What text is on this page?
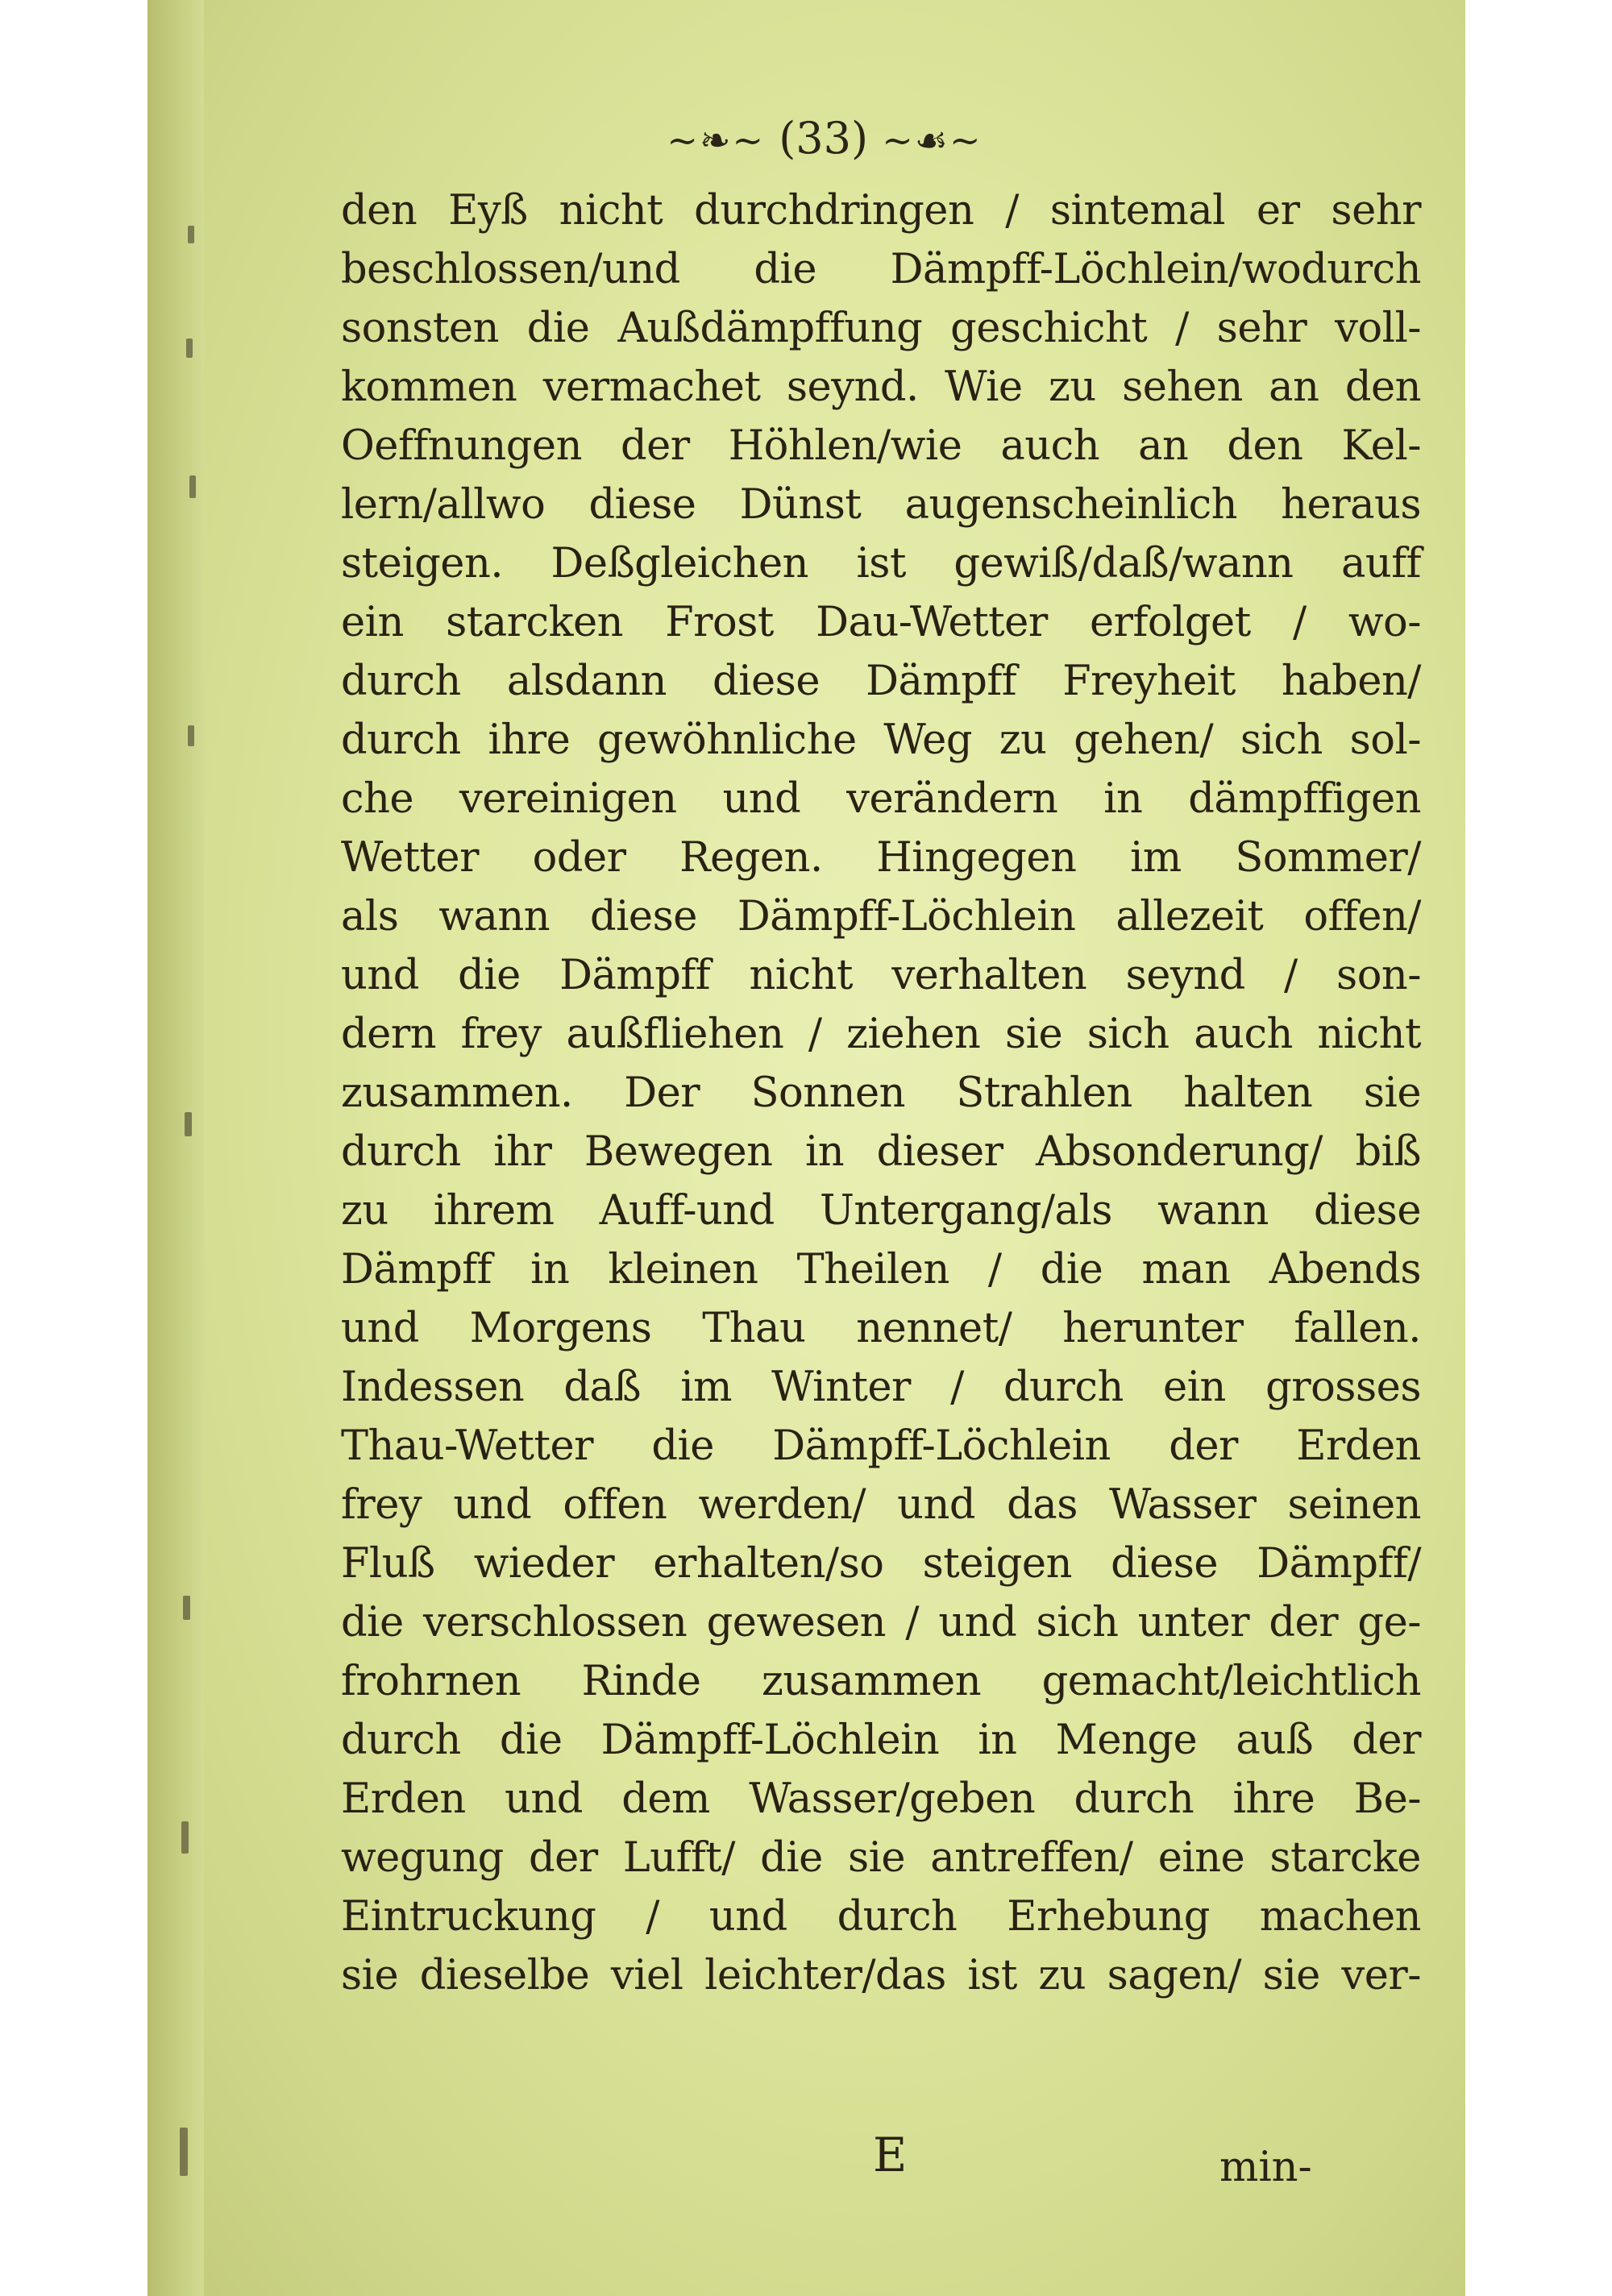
~❧~ (33) ~☙~
den Eyß nicht durchdringen / sintemal er sehr
beschlossen/und die Dämpff-Löchlein/wodurch
sonsten die Außdämpffung geschicht / sehr voll-
kommen vermachet seynd. Wie zu sehen an den
Oeffnungen der Höhlen/wie auch an den Kel-
lern/allwo diese Dünst augenscheinlich heraus
steigen. Deßgleichen ist gewiß/daß/wann auff
ein starcken Frost Dau-Wetter erfolget / wo-
durch alsdann diese Dämpff Freyheit haben/
durch ihre gewöhnliche Weg zu gehen/ sich sol-
che vereinigen und verändern in dämpffigen
Wetter oder Regen. Hingegen im Sommer/
als wann diese Dämpff-Löchlein allezeit offen/
und die Dämpff nicht verhalten seynd / son-
dern frey außfliehen / ziehen sie sich auch nicht
zusammen. Der Sonnen Strahlen halten sie
durch ihr Bewegen in dieser Absonderung/ biß
zu ihrem Auff-und Untergang/als wann diese
Dämpff in kleinen Theilen / die man Abends
und Morgens Thau nennet/ herunter fallen.
Indessen daß im Winter / durch ein grosses
Thau-Wetter die Dämpff-Löchlein der Erden
frey und offen werden/ und das Wasser seinen
Fluß wieder erhalten/so steigen diese Dämpff/
die verschlossen gewesen / und sich unter der ge-
frohrnen Rinde zusammen gemacht/leichtlich
durch die Dämpff-Löchlein in Menge auß der
Erden und dem Wasser/geben durch ihre Be-
wegung der Lufft/ die sie antreffen/ eine starcke
Eintruckung / und durch Erhebung machen
sie dieselbe viel leichter/das ist zu sagen/ sie ver-
E	min-
